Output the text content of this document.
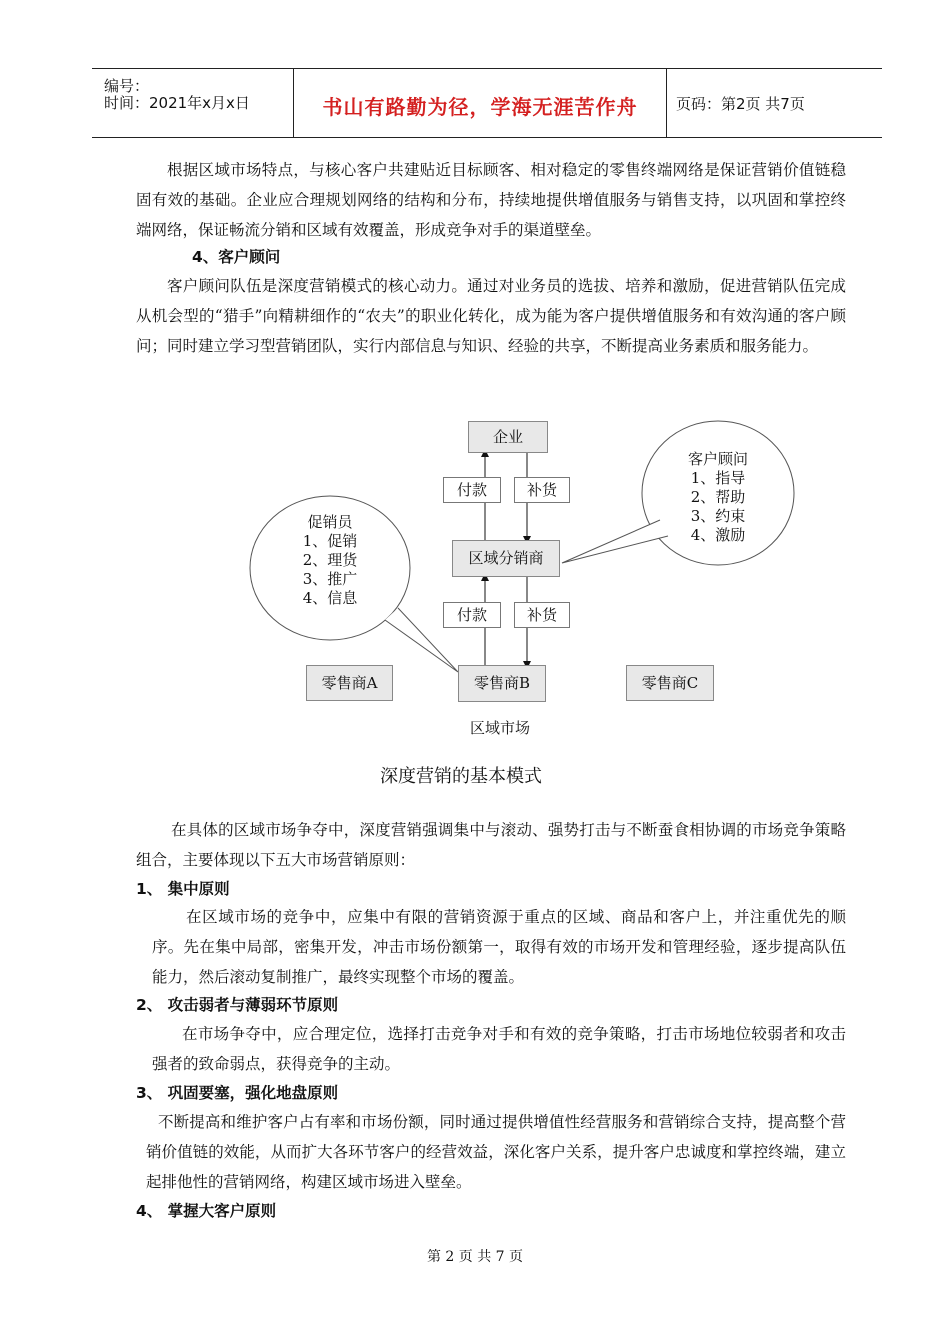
编号：
时间：2021年x月x日	书山有路勤为径，学海无涯苦作舟	页码：第2页 共7页

根据区域市场特点，与核心客户共建贴近目标顾客、相对稳定的零售终端网络是保证营销价值链稳固有效的基础。企业应合理规划网络的结构和分布，持续地提供增值服务与销售支持，以巩固和掌控终端网络，保证畅流分销和区域有效覆盖，形成竞争对手的渠道壁垒。

4、客户顾问

客户顾问队伍是深度营销模式的核心动力。通过对业务员的选拔、培养和激励，促进营销队伍完成从机会型的“猎手”向精耕细作的“农夫”的职业化转化，成为能为客户提供增值服务和有效沟通的客户顾问；同时建立学习型营销团队，实行内部信息与知识、经验的共享，不断提高业务素质和服务能力。

促销员
1、促销
2、理货
3、推广
4、信息
客户顾问
1、指导
2、帮助
3、约束
4、激励
企业
付款	补货
区域分销商
付款	补货
零售商A	零售商B	零售商C
区域市场
深度营销的基本模式

在具体的区域市场争夺中，深度营销强调集中与滚动、强势打击与不断蚕食相协调的市场竞争策略组合，主要体现以下五大市场营销原则：

1、 集中原则

在区域市场的竞争中，应集中有限的营销资源于重点的区域、商品和客户上，并注重优先的顺序。先在集中局部，密集开发，冲击市场份额第一，取得有效的市场开发和管理经验，逐步提高队伍能力，然后滚动复制推广，最终实现整个市场的覆盖。

2、 攻击弱者与薄弱环节原则

在市场争夺中，应合理定位，选择打击竞争对手和有效的竞争策略，打击市场地位较弱者和攻击强者的致命弱点，获得竞争的主动。

3、 巩固要塞，强化地盘原则

不断提高和维护客户占有率和市场份额，同时通过提供增值性经营服务和营销综合支持，提高整个营销价值链的效能，从而扩大各环节客户的经营效益，深化客户关系，提升客户忠诚度和掌控终端，建立起排他性的营销网络，构建区域市场进入壁垒。

4、 掌握大客户原则
第 2 页 共 7 页
